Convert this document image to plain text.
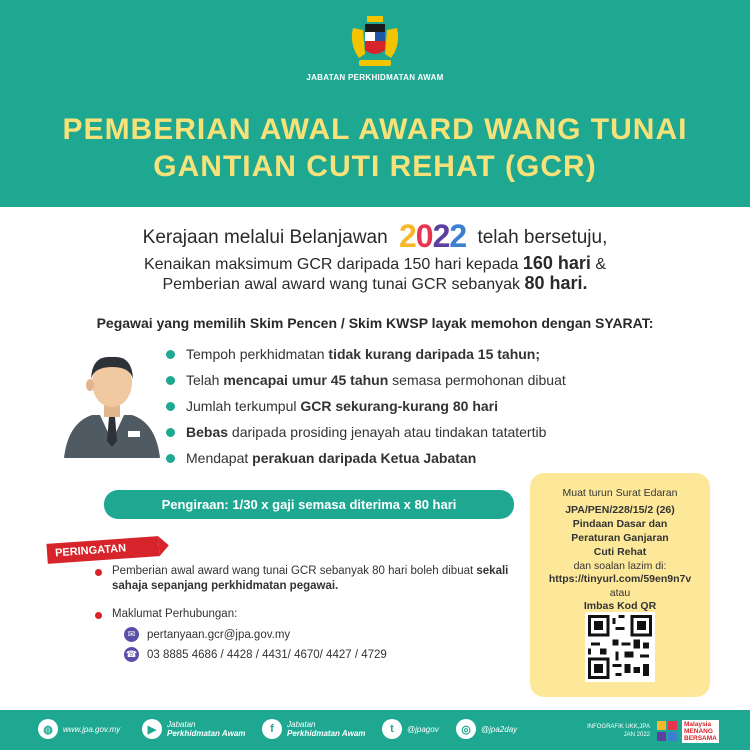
JABATAN PERKHIDMATAN AWAM
PEMBERIAN AWAL AWARD WANG TUNAI
GANTIAN CUTI REHAT (GCR)
Kerajaan melalui Belanjawan 2022 telah bersetuju,
Kenaikan maksimum GCR daripada 150 hari kepada 160 hari &
Pemberian awal award wang tunai GCR sebanyak 80 hari.
Pegawai yang memilih Skim Pencen / Skim KWSP layak memohon dengan SYARAT:
Tempoh perkhidmatan tidak kurang daripada 15 tahun;
Telah mencapai umur 45 tahun semasa permohonan dibuat
Jumlah terkumpul GCR sekurang-kurang 80 hari
Bebas daripada prosiding jenayah atau tindakan tatatertib
Mendapat perakuan daripada Ketua Jabatan
Pengiraan: 1/30 x gaji semasa diterima x 80 hari
PERINGATAN
Pemberian awal award wang tunai GCR sebanyak 80 hari boleh dibuat sekali sahaja sepanjang perkhidmatan pegawai.
Maklumat Perhubungan:
✉	pertanyaan.gcr@jpa.gov.my
☎ 03 8885 4686 / 4428 / 4431/ 4670/ 4427 / 4729
Muat turun Surat Edaran
JPA/PEN/228/15/2 (26)
Pindaan Dasar dan
Peraturan Ganjaran
Cuti Rehat
dan soalan lazim di:
https://tinyurl.com/59en9n7v
atau
Imbas Kod QR
◍	www.jpa.gov.my	▶	Jabatan
Perkhidmatan Awam	f	Jabatan
Perkhidmatan Awam	t	@jpagov	◎	@jpa2day	INFOGRAFIK UKK,JPA
JAN 2022
Malaysia
MENANG
BERSAMA
